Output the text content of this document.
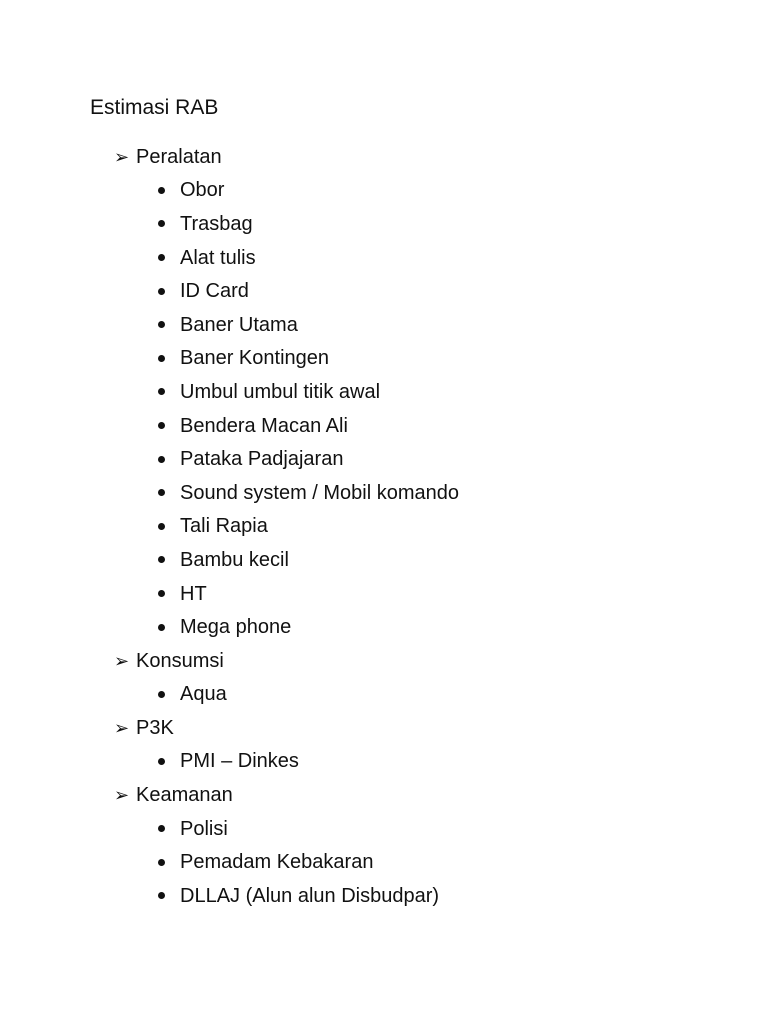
Estimasi RAB
➢ Peralatan
Obor
Trasbag
Alat tulis
ID Card
Baner Utama
Baner Kontingen
Umbul umbul titik awal
Bendera Macan Ali
Pataka Padjajaran
Sound system / Mobil komando
Tali Rapia
Bambu kecil
HT
Mega phone
➢ Konsumsi
Aqua
➢ P3K
PMI – Dinkes
➢ Keamanan
Polisi
Pemadam Kebakaran
DLLAJ (Alun alun Disbudpar)
